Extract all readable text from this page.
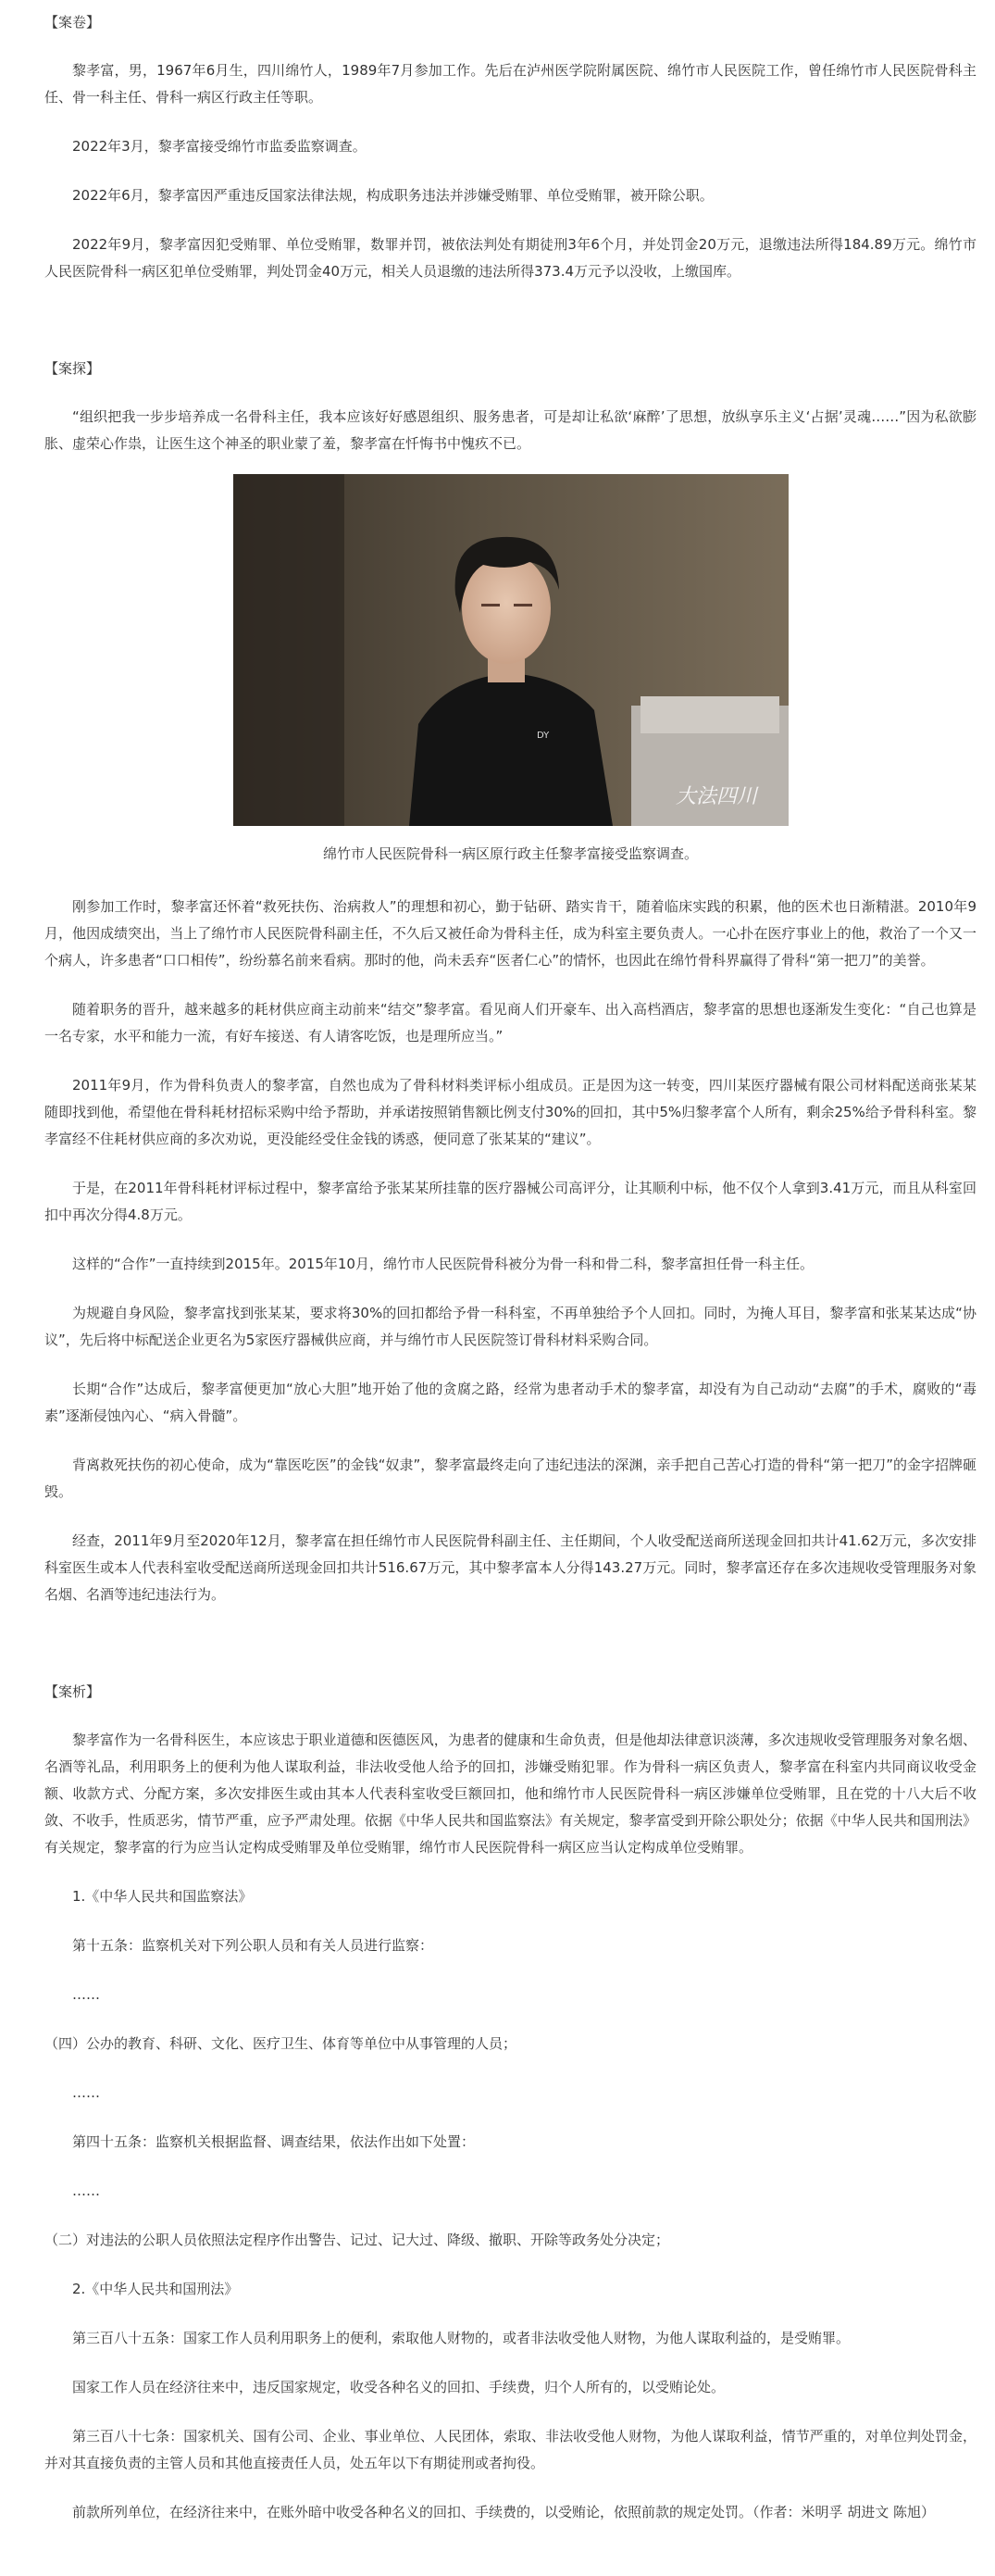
【案卷】

黎孝富，男，1967年6月生，四川绵竹人，1989年7月参加工作。先后在泸州医学院附属医院、绵竹市人民医院工作，曾任绵竹市人民医院骨科主任、骨一科主任、骨科一病区行政主任等职。

2022年3月，黎孝富接受绵竹市监委监察调查。

2022年6月，黎孝富因严重违反国家法律法规，构成职务违法并涉嫌受贿罪、单位受贿罪，被开除公职。

2022年9月，黎孝富因犯受贿罪、单位受贿罪，数罪并罚，被依法判处有期徒刑3年6个月，并处罚金20万元，退缴违法所得184.89万元。绵竹市人民医院骨科一病区犯单位受贿罪，判处罚金40万元，相关人员退缴的违法所得373.4万元予以没收，上缴国库。

【案探】

“组织把我一步步培养成一名骨科主任，我本应该好好感恩组织、服务患者，可是却让私欲‘麻醉’了思想，放纵享乐主义‘占据’灵魂……”因为私欲膨胀、虚荣心作祟，让医生这个神圣的职业蒙了羞，黎孝富在忏悔书中愧疚不已。

DY
大法四川
绵竹市人民医院骨科一病区原行政主任黎孝富接受监察调查。

刚参加工作时，黎孝富还怀着“救死扶伤、治病救人”的理想和初心，勤于钻研、踏实肯干，随着临床实践的积累，他的医术也日渐精湛。2010年9月，他因成绩突出，当上了绵竹市人民医院骨科副主任，不久后又被任命为骨科主任，成为科室主要负责人。一心扑在医疗事业上的他，救治了一个又一个病人，许多患者“口口相传”，纷纷慕名前来看病。那时的他，尚未丢弃“医者仁心”的情怀，也因此在绵竹骨科界赢得了骨科“第一把刀”的美誉。

随着职务的晋升，越来越多的耗材供应商主动前来“结交”黎孝富。看见商人们开豪车、出入高档酒店，黎孝富的思想也逐渐发生变化：“自己也算是一名专家，水平和能力一流，有好车接送、有人请客吃饭，也是理所应当。”

2011年9月，作为骨科负责人的黎孝富，自然也成为了骨科材料类评标小组成员。正是因为这一转变，四川某医疗器械有限公司材料配送商张某某随即找到他，希望他在骨科耗材招标采购中给予帮助，并承诺按照销售额比例支付30%的回扣，其中5%归黎孝富个人所有，剩余25%给予骨科科室。黎孝富经不住耗材供应商的多次劝说，更没能经受住金钱的诱惑，便同意了张某某的“建议”。

于是，在2011年骨科耗材评标过程中，黎孝富给予张某某所挂靠的医疗器械公司高评分，让其顺利中标，他不仅个人拿到3.41万元，而且从科室回扣中再次分得4.8万元。

这样的“合作”一直持续到2015年。2015年10月，绵竹市人民医院骨科被分为骨一科和骨二科，黎孝富担任骨一科主任。

为规避自身风险，黎孝富找到张某某，要求将30%的回扣都给予骨一科科室，不再单独给予个人回扣。同时，为掩人耳目，黎孝富和张某某达成“协议”，先后将中标配送企业更名为5家医疗器械供应商，并与绵竹市人民医院签订骨科材料采购合同。

长期“合作”达成后，黎孝富便更加“放心大胆”地开始了他的贪腐之路，经常为患者动手术的黎孝富，却没有为自己动动“去腐”的手术，腐败的“毒素”逐渐侵蚀內心、“病入骨髓”。

背离救死扶伤的初心使命，成为“靠医吃医”的金钱“奴隶”，黎孝富最终走向了违纪违法的深渊，亲手把自己苦心打造的骨科“第一把刀”的金字招牌砸毁。

经查，2011年9月至2020年12月，黎孝富在担任绵竹市人民医院骨科副主任、主任期间，个人收受配送商所送现金回扣共计41.62万元，多次安排科室医生或本人代表科室收受配送商所送现金回扣共计516.67万元，其中黎孝富本人分得143.27万元。同时，黎孝富还存在多次违规收受管理服务对象名烟、名酒等违纪违法行为。

【案析】

黎孝富作为一名骨科医生，本应该忠于职业道德和医德医风，为患者的健康和生命负责，但是他却法律意识淡薄，多次违规收受管理服务对象名烟、名酒等礼品，利用职务上的便利为他人谋取利益，非法收受他人给予的回扣，涉嫌受贿犯罪。作为骨科一病区负责人，黎孝富在科室内共同商议收受金额、收款方式、分配方案，多次安排医生或由其本人代表科室收受巨额回扣，他和绵竹市人民医院骨科一病区涉嫌单位受贿罪，且在党的十八大后不收敛、不收手，性质恶劣，情节严重，应予严肃处理。依据《中华人民共和国监察法》有关规定，黎孝富受到开除公职处分；依据《中华人民共和国刑法》有关规定，黎孝富的行为应当认定构成受贿罪及单位受贿罪，绵竹市人民医院骨科一病区应当认定构成单位受贿罪。

1.《中华人民共和国监察法》

第十五条：监察机关对下列公职人员和有关人员进行监察：

……

（四）公办的教育、科研、文化、医疗卫生、体育等单位中从事管理的人员；

……

第四十五条：监察机关根据监督、调查结果，依法作出如下处置：

……

（二）对违法的公职人员依照法定程序作出警告、记过、记大过、降级、撤职、开除等政务处分决定；

2.《中华人民共和国刑法》

第三百八十五条：国家工作人员利用职务上的便利，索取他人财物的，或者非法收受他人财物，为他人谋取利益的，是受贿罪。

国家工作人员在经济往来中，违反国家规定，收受各种名义的回扣、手续费，归个人所有的，以受贿论处。

第三百八十七条：国家机关、国有公司、企业、事业单位、人民团体，索取、非法收受他人财物，为他人谋取利益，情节严重的，对单位判处罚金，并对其直接负责的主管人员和其他直接责任人员，处五年以下有期徒刑或者拘役。

前款所列单位，在经济往来中，在账外暗中收受各种名义的回扣、手续费的，以受贿论，依照前款的规定处罚。（作者：米明孚 胡进文 陈旭）
